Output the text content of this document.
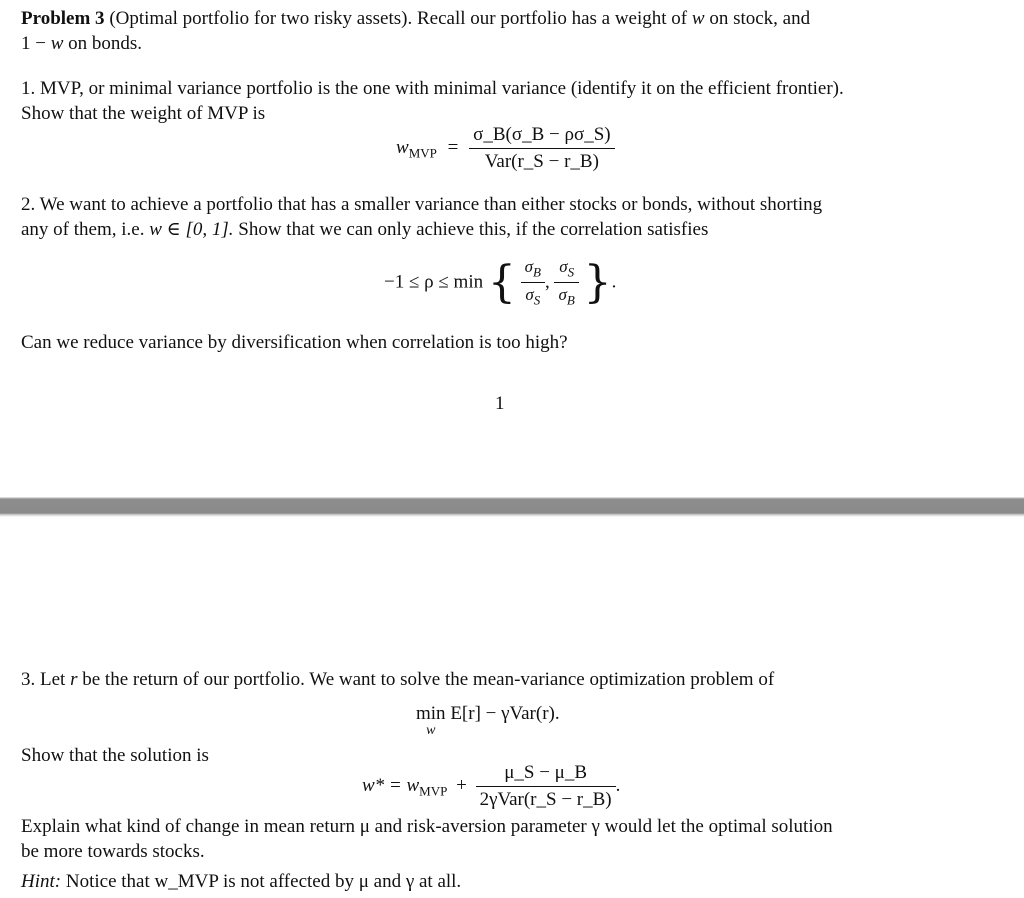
Problem 3 (Optimal portfolio for two risky assets). Recall our portfolio has a weight of w on stock, and
1 − w on bonds.
1. MVP, or minimal variance portfolio is the one with minimal variance (identify it on the efficient frontier).
Show that the weight of MVP is
$w_{MVP} = \frac{\sigma\_B(\sigma\_B - \rho\sigma\_S)}{\text{Var(r\_S − r\_B)}}$
2. We want to achieve a portfolio that has a smaller variance than either stocks or bonds, without shorting
any of them, i.e. w ∈ [0, 1]. Show that we can only achieve this, if the correlation satisfies
−1 ≤ ρ ≤ min { $\frac{\sigma_B}{\sigma_S}$ , $\frac{\sigma_S}{\sigma_B}$ }.
Can we reduce variance by diversification when correlation is too high?
1
3. Let r be the return of our portfolio. We want to solve the mean-variance optimization problem of
min
w
E[r] − γVar(r).
Show that the solution is
$w* = w_{MVP} + \frac{\mu\_S - \mu\_B}{\text{2γVar(r\_S − r\_B)}}$ .
Explain what kind of change in mean return μ and risk-aversion parameter γ would let the optimal solution
be more towards stocks.
Hint: Notice that w_MVP is not affected by μ and γ at all.
